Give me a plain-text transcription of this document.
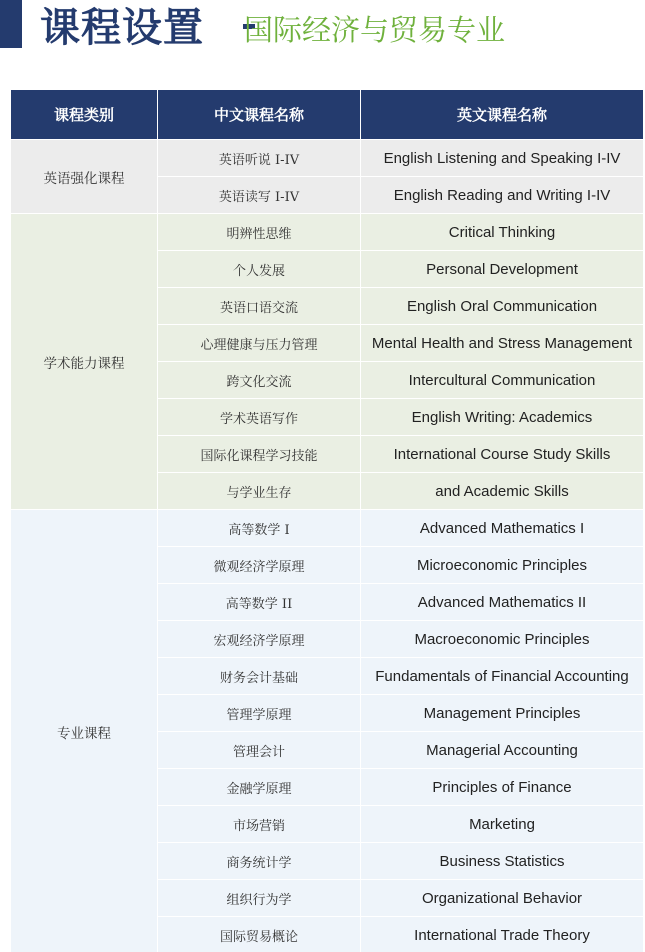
课程设置	-
国际经济与贸易专业
课程类别	中文课程名称	英文课程名称
英语强化课程	英语听说 I-IV	English Listening and Speaking I-IV
	英语读写 I-IV	English Reading and Writing I-IV
学术能力课程	明辨性思维	Critical Thinking
	个人发展	Personal Development
	英语口语交流	English Oral Communication
	心理健康与压力管理	Mental Health and Stress Management
	跨文化交流	Intercultural Communication
	学术英语写作	English Writing: Academics
	国际化课程学习技能	International Course Study Skills
	与学业生存	and Academic Skills
专业课程	高等数学 I	Advanced Mathematics I
	微观经济学原理	Microeconomic Principles
	高等数学 II	Advanced Mathematics II
	宏观经济学原理	Macroeconomic Principles
	财务会计基础	Fundamentals of Financial Accounting
	管理学原理	Management Principles
	管理会计	Managerial Accounting
	金融学原理	Principles of Finance
	市场营销	Marketing
	商务统计学	Business Statistics
	组织行为学	Organizational Behavior
	国际贸易概论	International Trade Theory
